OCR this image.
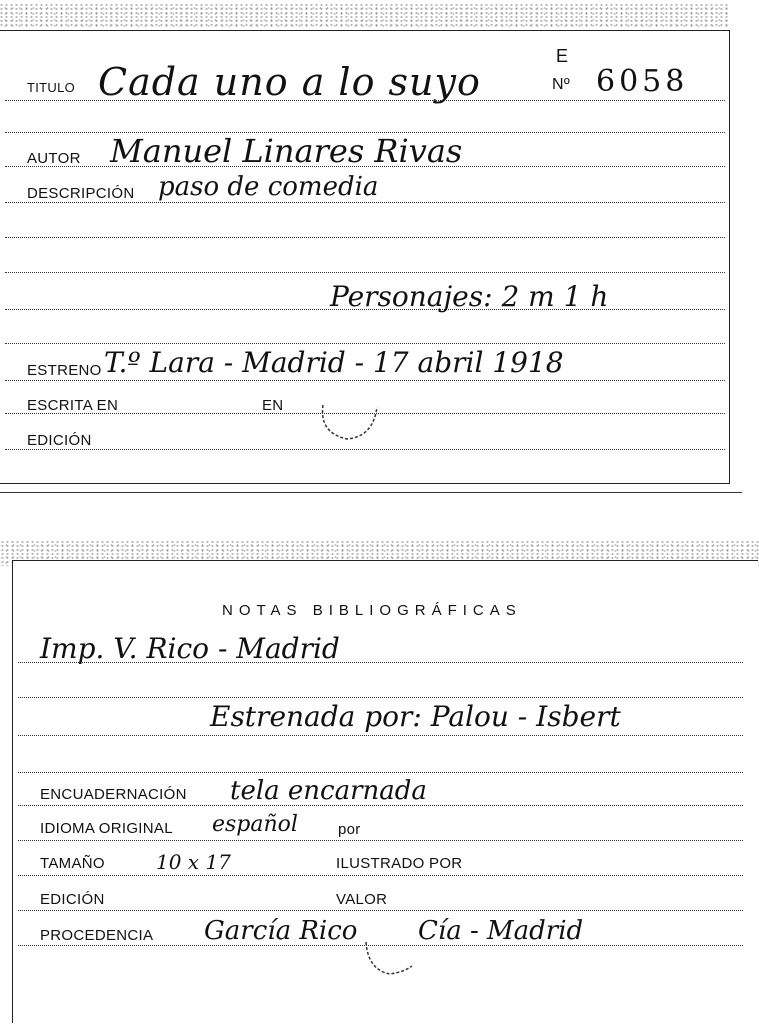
TITULO Cada uno a lo suyo
E
Nº 6058
AUTOR Manuel Linares Rivas
DESCRIPCIÓN paso de comedia
Personajes: 2 m 1 h
ESTRENO T.º Lara - Madrid - 17 abril 1918
ESCRITA EN	EN
EDICIÓN
NOTAS BIBLIOGRÁFICAS
Imp. V. Rico - Madrid
Estrenada por: Palou - Isbert
ENCUADERNACIÓN tela encarnada
IDIOMA ORIGINAL español	por
TAMAÑO	10 x 17	ILUSTRADO POR
EDICIÓN	VALOR
PROCEDENCIA García Rico Cía - Madrid
